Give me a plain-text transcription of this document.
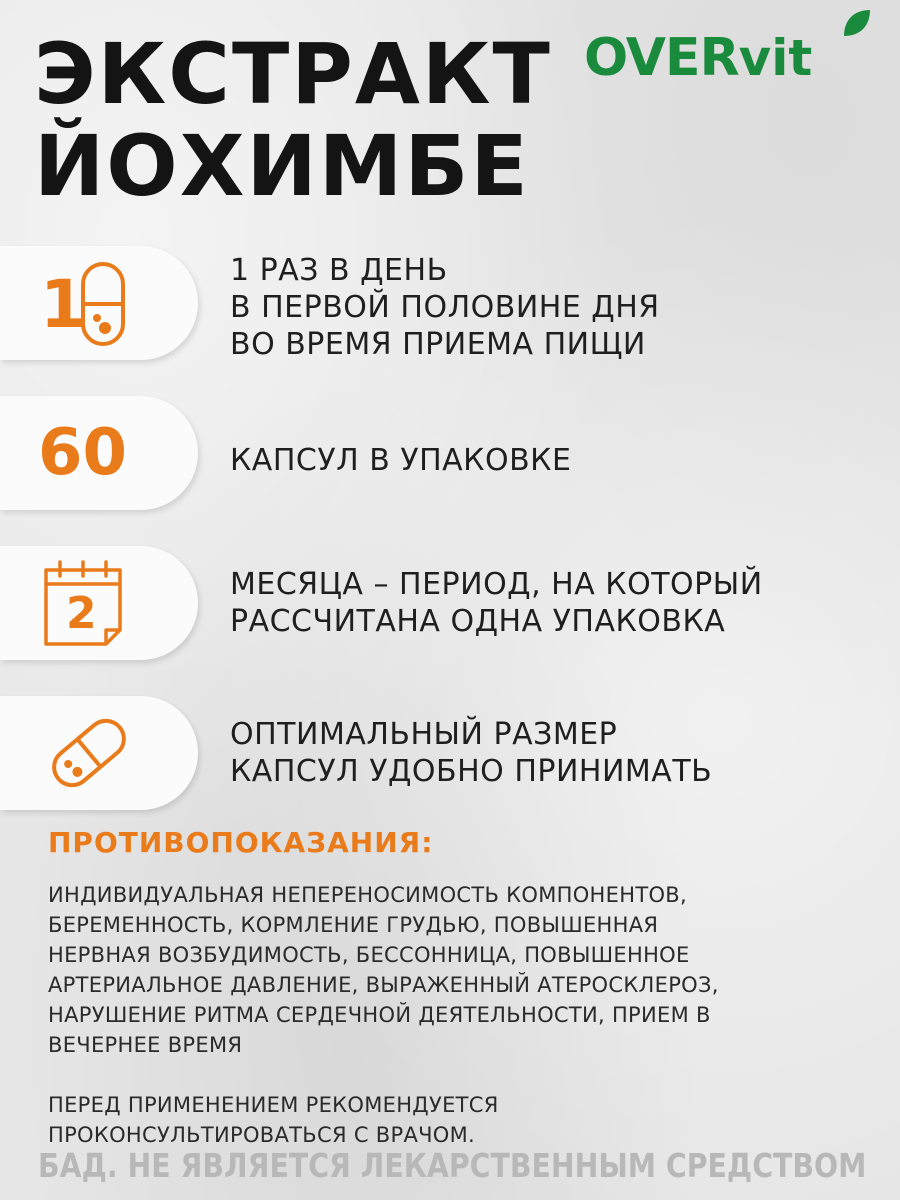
ЭКСТРАКТ
ЙОХИМБЕ
OVERvit
1	1 РАЗ В ДЕНЬ
В ПЕРВОЙ ПОЛОВИНЕ ДНЯ
ВО ВРЕМЯ ПРИЕМА ПИЩИ

60	КАПСУЛ В УПАКОВКЕ

2

МЕСЯЦА – ПЕРИОД, НА КОТОРЫЙ
РАССЧИТАНА ОДНА УПАКОВКА

ОПТИМАЛЬНЫЙ РАЗМЕР
КАПСУЛ УДОБНО ПРИНИМАТЬ

ПРОТИВОПОКАЗАНИЯ:

ИНДИВИДУАЛЬНАЯ НЕПЕРЕНОСИМОСТЬ КОМПОНЕНТОВ,
БЕРЕМЕННОСТЬ, КОРМЛЕНИЕ ГРУДЬЮ, ПОВЫШЕННАЯ
НЕРВНАЯ ВОЗБУДИМОСТЬ, БЕССОННИЦА, ПОВЫШЕННОЕ
АРТЕРИАЛЬНОЕ ДАВЛЕНИЕ, ВЫРАЖЕННЫЙ АТЕРОСКЛЕРОЗ,
НАРУШЕНИЕ РИТМА СЕРДЕЧНОЙ ДЕЯТЕЛЬНОСТИ, ПРИЕМ В
ВЕЧЕРНЕЕ ВРЕМЯ

ПЕРЕД ПРИМЕНЕНИЕМ РЕКОМЕНДУЕТСЯ
ПРОКОНСУЛЬТИРОВАТЬСЯ С ВРАЧОМ.

БАД. НЕ ЯВЛЯЕТСЯ ЛЕКАРСТВЕННЫМ СРЕДСТВОМ
